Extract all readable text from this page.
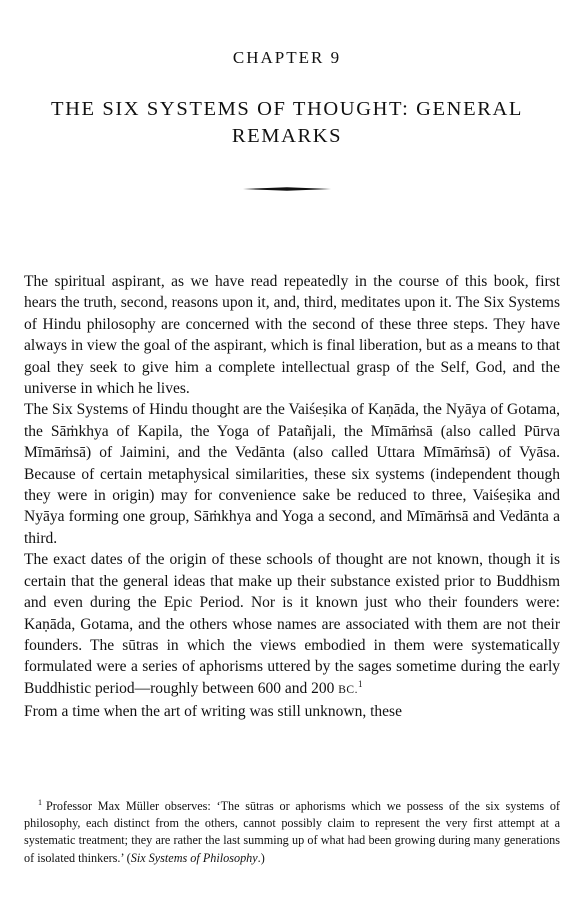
CHAPTER 9
THE SIX SYSTEMS OF THOUGHT: GENERAL REMARKS

The spiritual aspirant, as we have read repeatedly in the course of this book, first hears the truth, second, reasons upon it, and, third, meditates upon it. The Six Systems of Hindu philosophy are concerned with the second of these three steps. They have always in view the goal of the aspirant, which is final liberation, but as a means to that goal they seek to give him a complete intellectual grasp of the Self, God, and the universe in which he lives.

The Six Systems of Hindu thought are the Vaiśeṣika of Kaṇāda, the Nyāya of Gotama, the Sāṁkhya of Kapila, the Yoga of Patañjali, the Mīmāṁsā (also called Pūrva Mīmāṁsā) of Jaimini, and the Vedānta (also called Uttara Mīmāṁsā) of Vyāsa. Because of certain metaphysical similarities, these six systems (independent though they were in origin) may for convenience sake be reduced to three, Vaiśeṣika and Nyāya forming one group, Sāṁkhya and Yoga a second, and Mīmāṁsā and Vedānta a third.

The exact dates of the origin of these schools of thought are not known, though it is certain that the general ideas that make up their substance existed prior to Buddhism and even during the Epic Period. Nor is it known just who their founders were: Kaṇāda, Gotama, and the others whose names are associated with them are not their founders. The sūtras in which the views embodied in them were systematically formulated were a series of aphorisms uttered by the sages sometime during the early Buddhistic period—roughly between 600 and 200 BC.$^1$

From a time when the art of writing was still unknown, these

$^1$ Professor Max Müller observes: ‘The sūtras or aphorisms which we possess of the six systems of philosophy, each distinct from the others, cannot possibly claim to represent the very first attempt at a systematic treatment; they are rather the last summing up of what had been growing during many generations of isolated thinkers.’ (Six Systems of Philosophy.)
